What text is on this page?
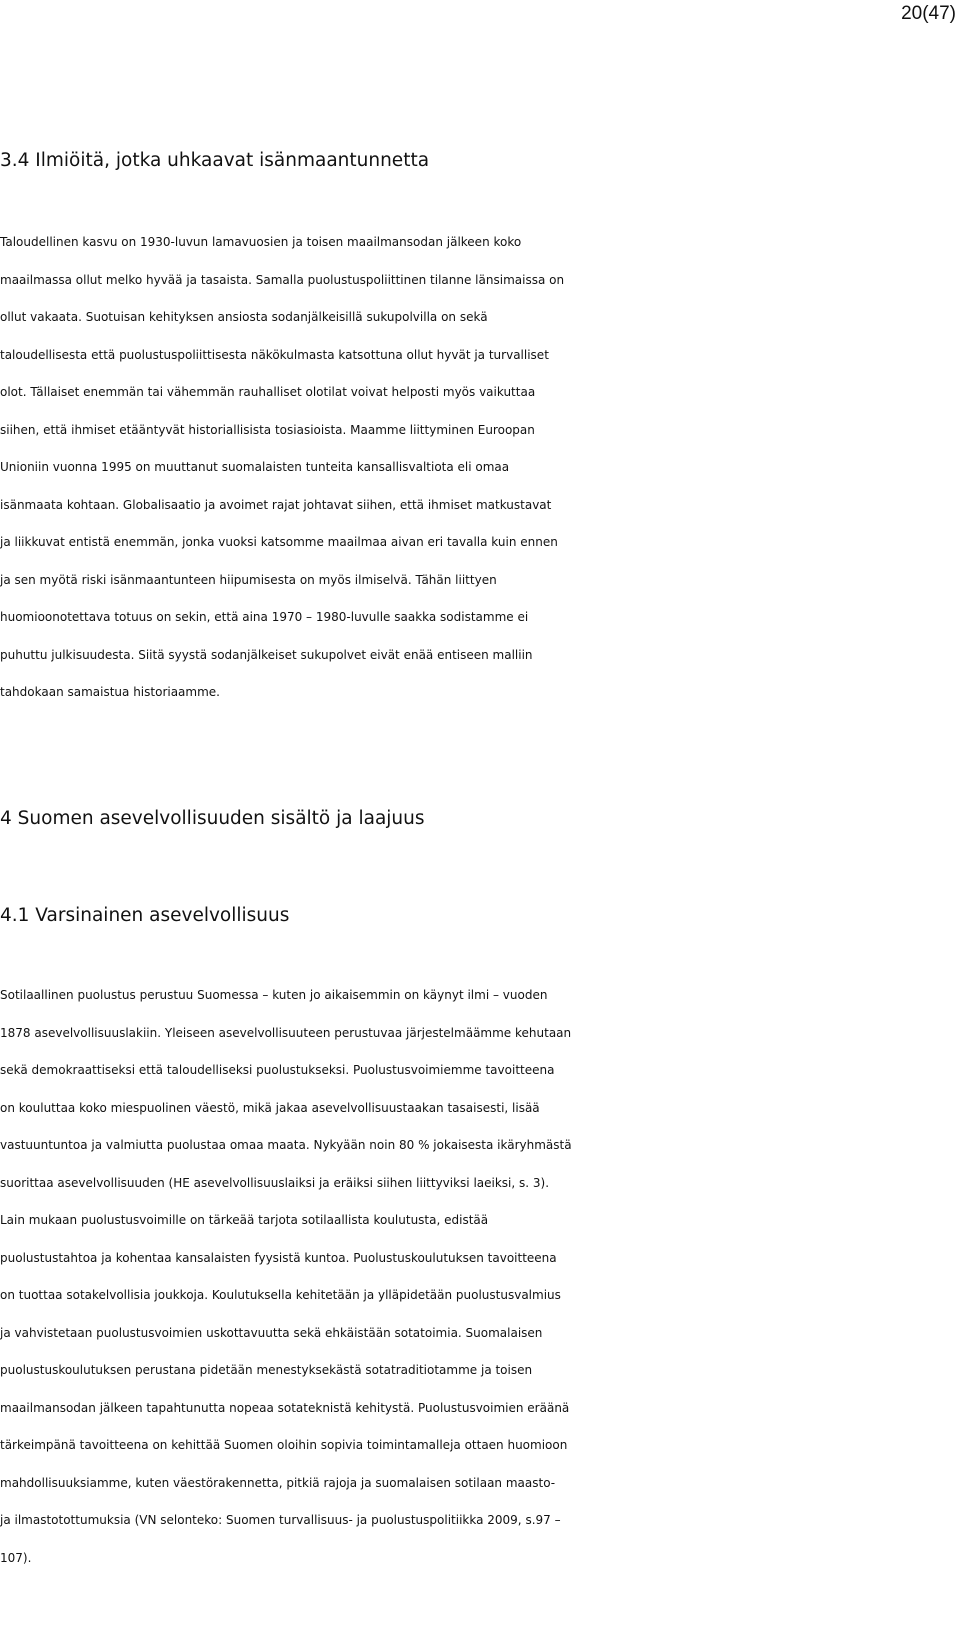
20(47)
3.4 Ilmiöitä, jotka uhkaavat isänmaantunnetta
Taloudellinen kasvu on 1930-luvun lamavuosien ja toisen maailmansodan jälkeen koko
maailmassa ollut melko hyvää ja tasaista. Samalla puolustuspoliittinen tilanne länsimaissa on
ollut vakaata. Suotuisan kehityksen ansiosta sodanjälkeisillä sukupolvilla on sekä
taloudellisesta että puolustuspoliittisesta näkökulmasta katsottuna ollut hyvät ja turvalliset
olot. Tällaiset enemmän tai vähemmän rauhalliset olotilat voivat helposti myös vaikuttaa
siihen, että ihmiset etääntyvät historiallisista tosiasioista. Maamme liittyminen Euroopan
Unioniin vuonna 1995 on muuttanut suomalaisten tunteita kansallisvaltiota eli omaa
isänmaata kohtaan. Globalisaatio ja avoimet rajat johtavat siihen, että ihmiset matkustavat
ja liikkuvat entistä enemmän, jonka vuoksi katsomme maailmaa aivan eri tavalla kuin ennen
ja sen myötä riski isänmaantunteen hiipumisesta on myös ilmiselvä. Tähän liittyen
huomioonotettava totuus on sekin, että aina 1970 – 1980-luvulle saakka sodistamme ei
puhuttu julkisuudesta. Siitä syystä sodanjälkeiset sukupolvet eivät enää entiseen malliin
tahdokaan samaistua historiaamme.
4 Suomen asevelvollisuuden sisältö ja laajuus
4.1 Varsinainen asevelvollisuus
Sotilaallinen puolustus perustuu Suomessa – kuten jo aikaisemmin on käynyt ilmi – vuoden
1878 asevelvollisuuslakiin. Yleiseen asevelvollisuuteen perustuvaa järjestelmäämme kehutaan
sekä demokraattiseksi että taloudelliseksi puolustukseksi. Puolustusvoimiemme tavoitteena
on kouluttaa koko miespuolinen väestö, mikä jakaa asevelvollisuustaakan tasaisesti, lisää
vastuuntuntoa ja valmiutta puolustaa omaa maata. Nykyään noin 80 % jokaisesta ikäryhmästä
suorittaa asevelvollisuuden (HE asevelvollisuuslaiksi ja eräiksi siihen liittyviksi laeiksi, s. 3).
Lain mukaan puolustusvoimille on tärkeää tarjota sotilaallista koulutusta, edistää
puolustustahtoa ja kohentaa kansalaisten fyysistä kuntoa. Puolustuskoulutuksen tavoitteena
on tuottaa sotakelvollisia joukkoja. Koulutuksella kehitetään ja ylläpidetään puolustusvalmius
ja vahvistetaan puolustusvoimien uskottavuutta sekä ehkäistään sotatoimia. Suomalaisen
puolustuskoulutuksen perustana pidetään menestyksekästä sotatraditiotamme ja toisen
maailmansodan jälkeen tapahtunutta nopeaa sotateknistä kehitystä. Puolustusvoimien eräänä
tärkeimpänä tavoitteena on kehittää Suomen oloihin sopivia toimintamalleja ottaen huomioon
mahdollisuuksiamme, kuten väestörakennetta, pitkiä rajoja ja suomalaisen sotilaan maasto-
ja ilmastotottumuksia (VN selonteko: Suomen turvallisuus- ja puolustuspolitiikka 2009, s.97 –
107).
